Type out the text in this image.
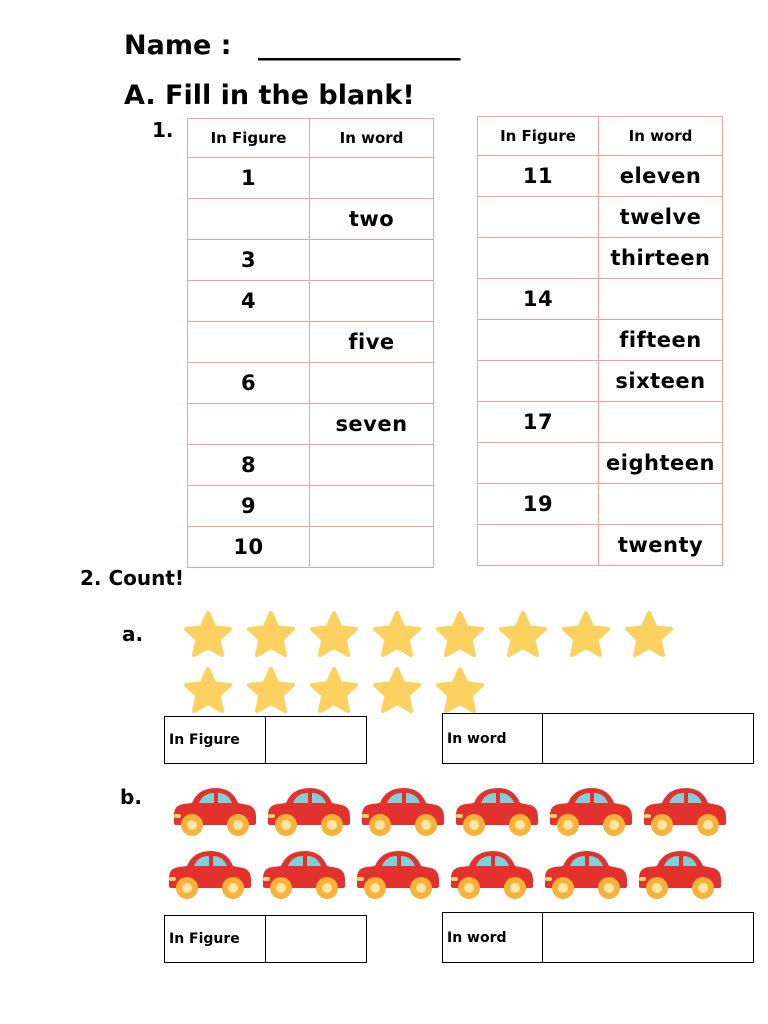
Name : _______________
A. Fill in the blank!
1. In Figure	In word
1	
	two
3	
4	
	five
6	
	seven
8	
9	
10	
In Figure	In word
11	eleven
	twelve
	thirteen
14	
	fifteen
	sixteen
17	
	eighteen
19	
	twenty
2. Count!
a.
b.
In Figure	In word
In Figure	In word
